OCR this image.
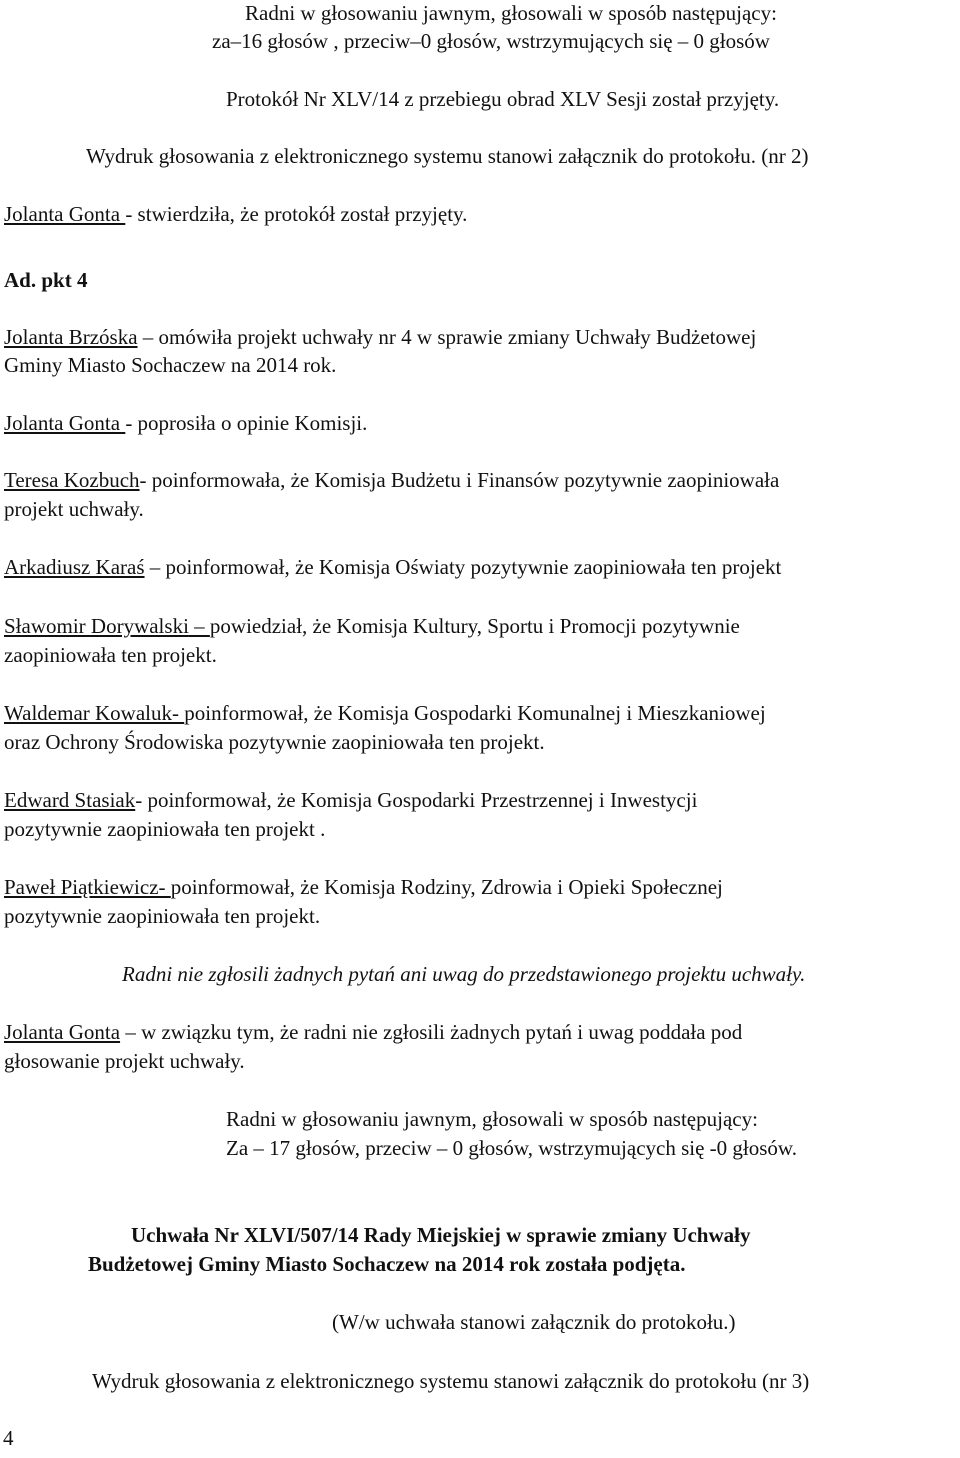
Radni w głosowaniu jawnym, głosowali w sposób następujący:

za–16 głosów , przeciw–0 głosów, wstrzymujących się – 0 głosów

Protokół Nr XLV/14 z przebiegu obrad XLV Sesji został przyjęty.

Wydruk głosowania z elektronicznego systemu stanowi załącznik do protokołu. (nr 2)

Jolanta Gonta - stwierdziła, że protokół został przyjęty.

Ad. pkt 4

Jolanta Brzóska – omówiła projekt uchwały nr 4 w sprawie zmiany Uchwały Budżetowej

Gminy Miasto Sochaczew na 2014 rok.

Jolanta Gonta - poprosiła o opinie Komisji.

Teresa Kozbuch- poinformowała, że Komisja Budżetu i Finansów pozytywnie zaopiniowała

projekt uchwały.

Arkadiusz Karaś – poinformował, że Komisja Oświaty pozytywnie zaopiniowała ten projekt

Sławomir Dorywalski – powiedział, że Komisja Kultury, Sportu i Promocji pozytywnie

zaopiniowała ten projekt.

Waldemar Kowaluk- poinformował, że Komisja Gospodarki Komunalnej i Mieszkaniowej

oraz Ochrony Środowiska pozytywnie zaopiniowała ten projekt.

Edward Stasiak- poinformował, że Komisja Gospodarki Przestrzennej i Inwestycji

pozytywnie zaopiniowała ten projekt .

Paweł Piątkiewicz- poinformował, że Komisja Rodziny, Zdrowia i Opieki Społecznej

pozytywnie zaopiniowała ten projekt.

Radni nie zgłosili żadnych pytań ani uwag do przedstawionego projektu uchwały.

Jolanta Gonta – w związku tym, że radni nie zgłosili żadnych pytań i uwag poddała pod

głosowanie projekt uchwały.

Radni w głosowaniu jawnym, głosowali w sposób następujący:

Za – 17 głosów, przeciw – 0 głosów, wstrzymujących się -0 głosów.

Uchwała Nr XLVI/507/14 Rady Miejskiej w sprawie zmiany Uchwały

Budżetowej Gminy Miasto Sochaczew na 2014 rok została podjęta.

(W/w uchwała stanowi załącznik do protokołu.)

Wydruk głosowania z elektronicznego systemu stanowi załącznik do protokołu (nr 3)

4
